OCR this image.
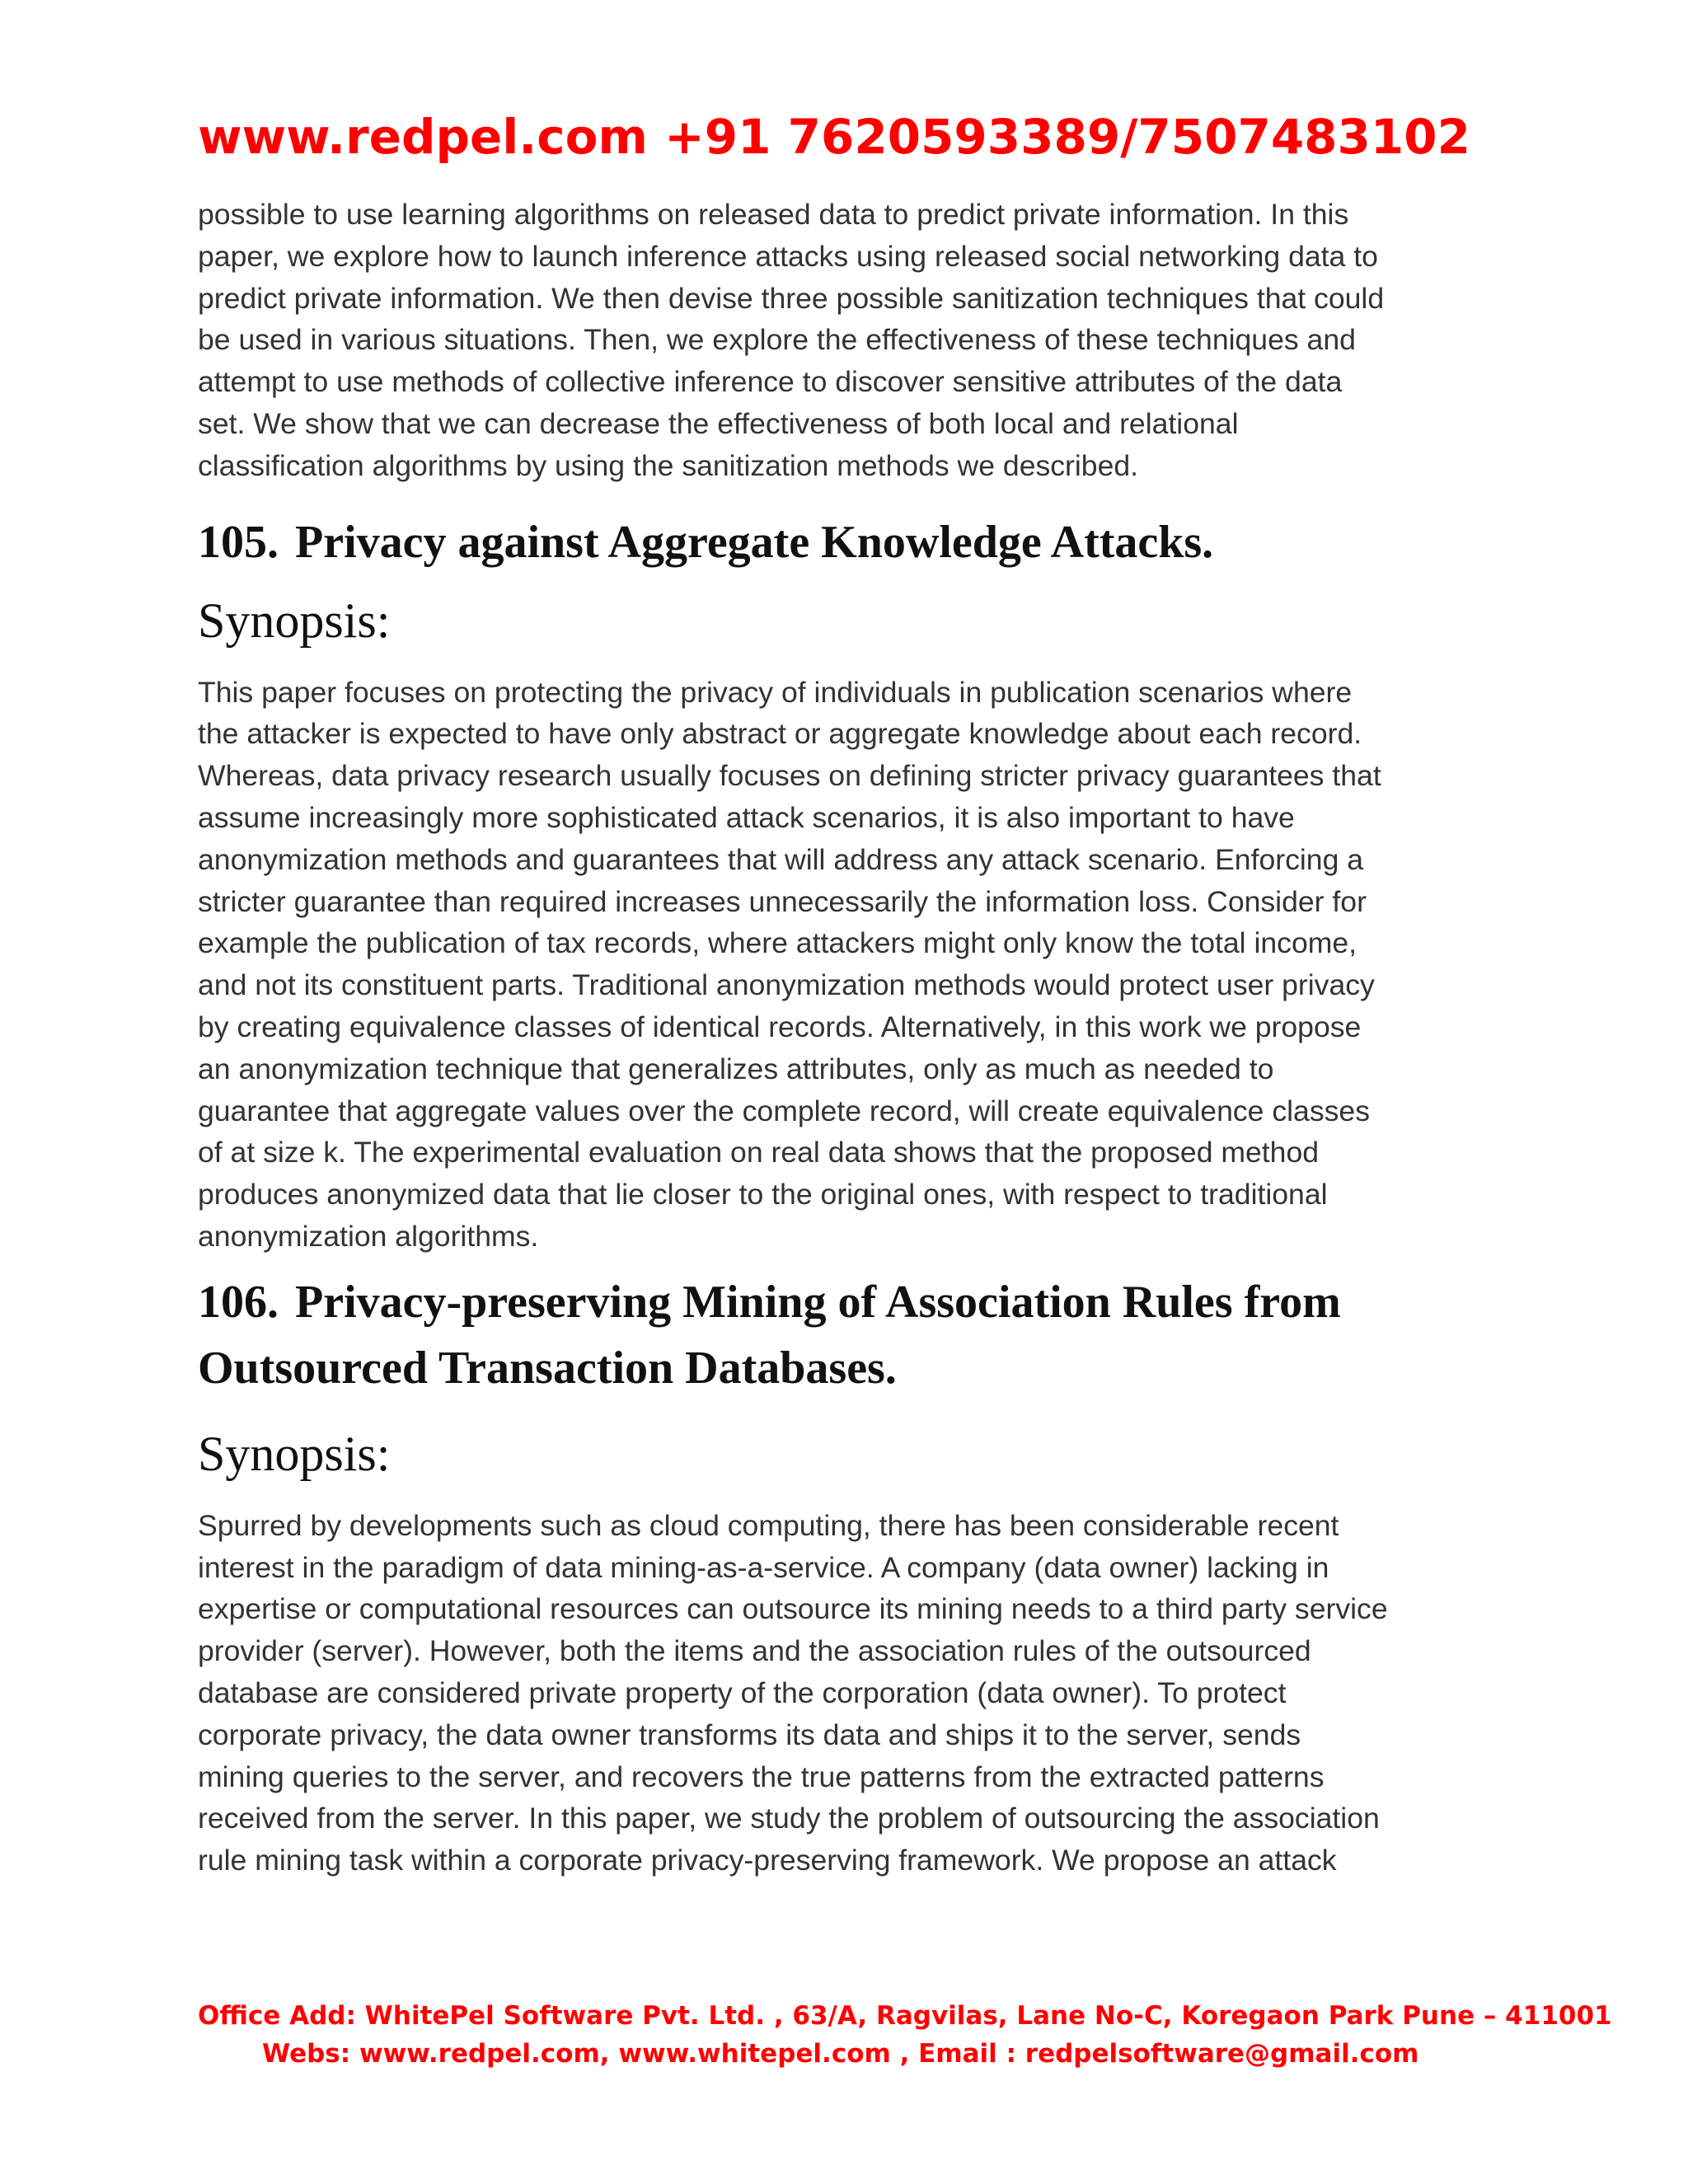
www.redpel.com +91 7620593389/7507483102

possible to use learning algorithms on released data to predict private information. In this
paper, we explore how to launch inference attacks using released social networking data to
predict private information. We then devise three possible sanitization techniques that could
be used in various situations. Then, we explore the effectiveness of these techniques and
attempt to use methods of collective inference to discover sensitive attributes of the data
set. We show that we can decrease the effectiveness of both local and relational
classification algorithms by using the sanitization methods we described.

105. Privacy against Aggregate Knowledge Attacks.
Synopsis:

This paper focuses on protecting the privacy of individuals in publication scenarios where
the attacker is expected to have only abstract or aggregate knowledge about each record.
Whereas, data privacy research usually focuses on defining stricter privacy guarantees that
assume increasingly more sophisticated attack scenarios, it is also important to have
anonymization methods and guarantees that will address any attack scenario. Enforcing a
stricter guarantee than required increases unnecessarily the information loss. Consider for
example the publication of tax records, where attackers might only know the total income,
and not its constituent parts. Traditional anonymization methods would protect user privacy
by creating equivalence classes of identical records. Alternatively, in this work we propose
an anonymization technique that generalizes attributes, only as much as needed to
guarantee that aggregate values over the complete record, will create equivalence classes
of at size k. The experimental evaluation on real data shows that the proposed method
produces anonymized data that lie closer to the original ones, with respect to traditional
anonymization algorithms.

106. Privacy-preserving Mining of Association Rules from
Outsourced Transaction Databases.
Synopsis:

Spurred by developments such as cloud computing, there has been considerable recent
interest in the paradigm of data mining-as-a-service. A company (data owner) lacking in
expertise or computational resources can outsource its mining needs to a third party service
provider (server). However, both the items and the association rules of the outsourced
database are considered private property of the corporation (data owner). To protect
corporate privacy, the data owner transforms its data and ships it to the server, sends
mining queries to the server, and recovers the true patterns from the extracted patterns
received from the server. In this paper, we study the problem of outsourcing the association
rule mining task within a corporate privacy-preserving framework. We propose an attack

Office Add: WhitePel Software Pvt. Ltd. , 63/A, Ragvilas, Lane No-C, Koregaon Park Pune – 411001
Webs: www.redpel.com, www.whitepel.com , Email : redpelsoftware@gmail.com
